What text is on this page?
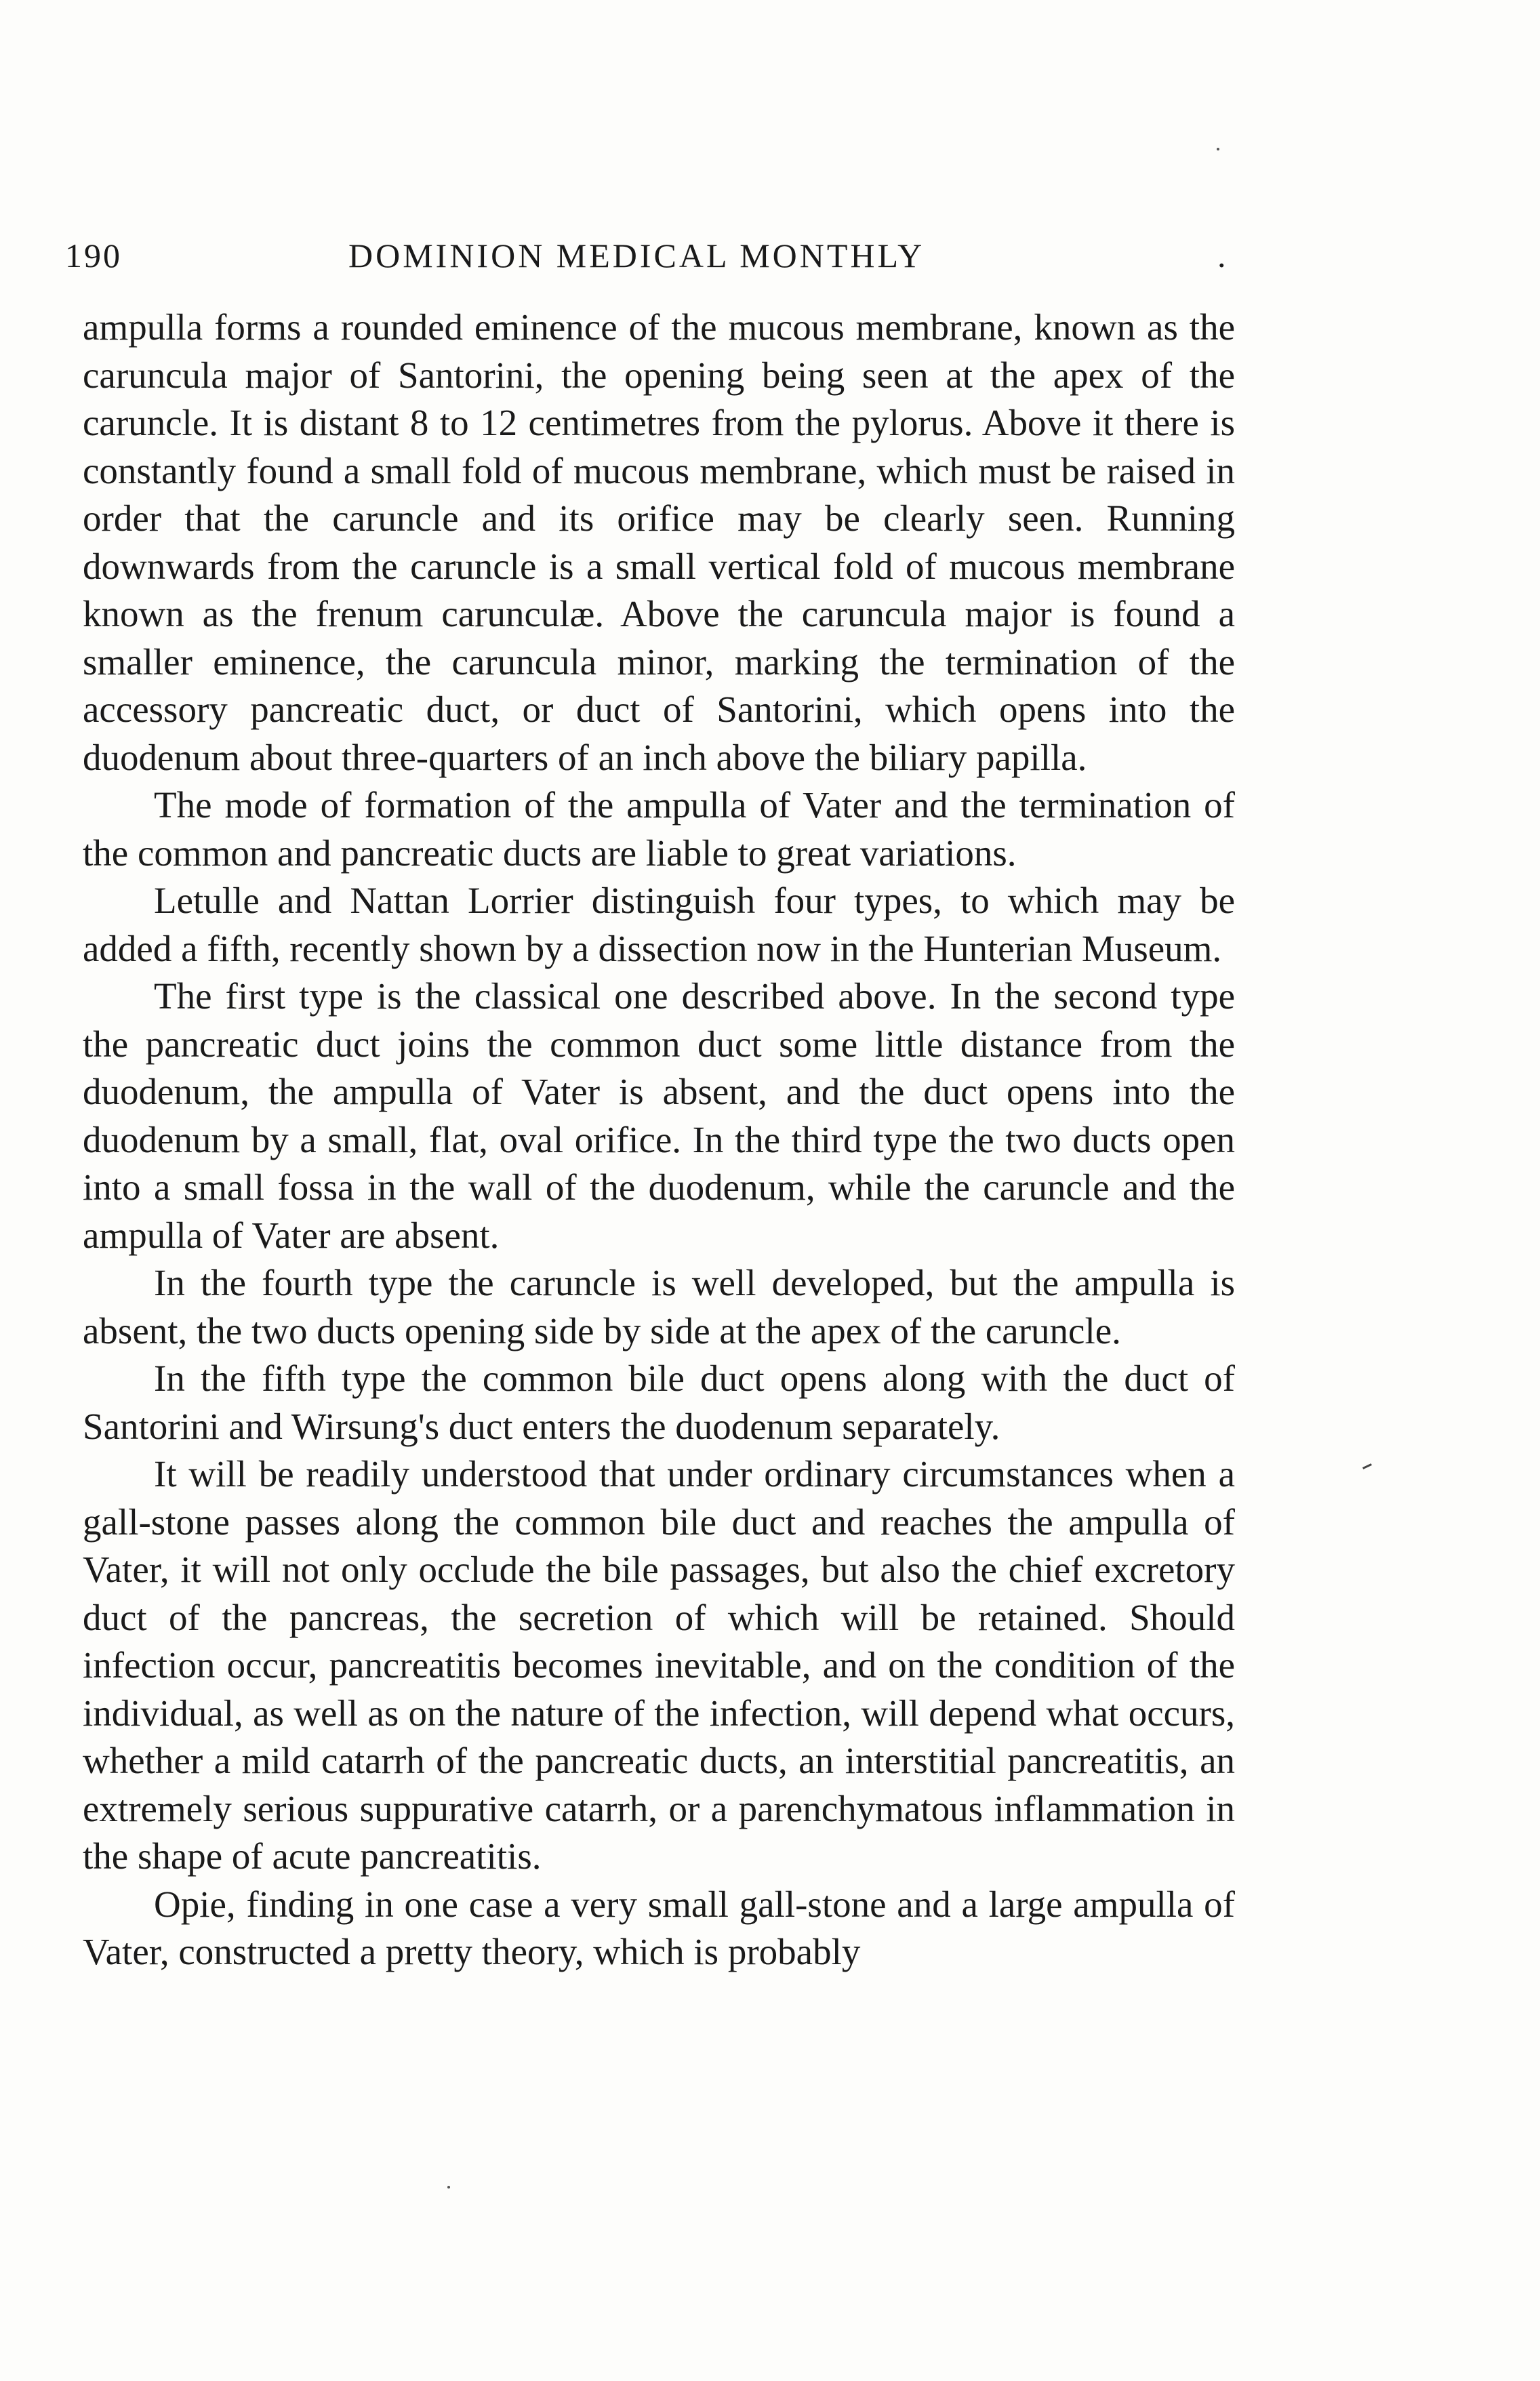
190	DOMINION MEDICAL MONTHLY	.

ampulla forms a rounded eminence of the mucous membrane, known as the caruncula major of Santorini, the opening being seen at the apex of the caruncle. It is distant 8 to 12 centimetres from the pylorus. Above it there is constantly found a small fold of mucous membrane, which must be raised in order that the caruncle and its orifice may be clearly seen. Running downwards from the caruncle is a small vertical fold of mucous membrane known as the frenum carunculæ. Above the caruncula major is found a smaller eminence, the caruncula minor, marking the termination of the accessory pancreatic duct, or duct of Santorini, which opens into the duodenum about three-quarters of an inch above the biliary papilla.

The mode of formation of the ampulla of Vater and the termination of the common and pancreatic ducts are liable to great variations.

Letulle and Nattan Lorrier distinguish four types, to which may be added a fifth, recently shown by a dissection now in the Hunterian Museum.

The first type is the classical one described above. In the second type the pancreatic duct joins the common duct some little distance from the duodenum, the ampulla of Vater is absent, and the duct opens into the duodenum by a small, flat, oval orifice. In the third type the two ducts open into a small fossa in the wall of the duodenum, while the caruncle and the ampulla of Vater are absent.

In the fourth type the caruncle is well developed, but the ampulla is absent, the two ducts opening side by side at the apex of the caruncle.

In the fifth type the common bile duct opens along with the duct of Santorini and Wirsung's duct enters the duodenum separately.

It will be readily understood that under ordinary circumstances when a gall-stone passes along the common bile duct and reaches the ampulla of Vater, it will not only occlude the bile passages, but also the chief excretory duct of the pancreas, the secretion of which will be retained. Should infection occur, pancreatitis becomes inevitable, and on the condition of the individual, as well as on the nature of the infection, will depend what occurs, whether a mild catarrh of the pancreatic ducts, an interstitial pancreatitis, an extremely serious suppurative catarrh, or a parenchymatous inflammation in the shape of acute pancreatitis.

Opie, finding in one case a very small gall-stone and a large ampulla of Vater, constructed a pretty theory, which is probably
